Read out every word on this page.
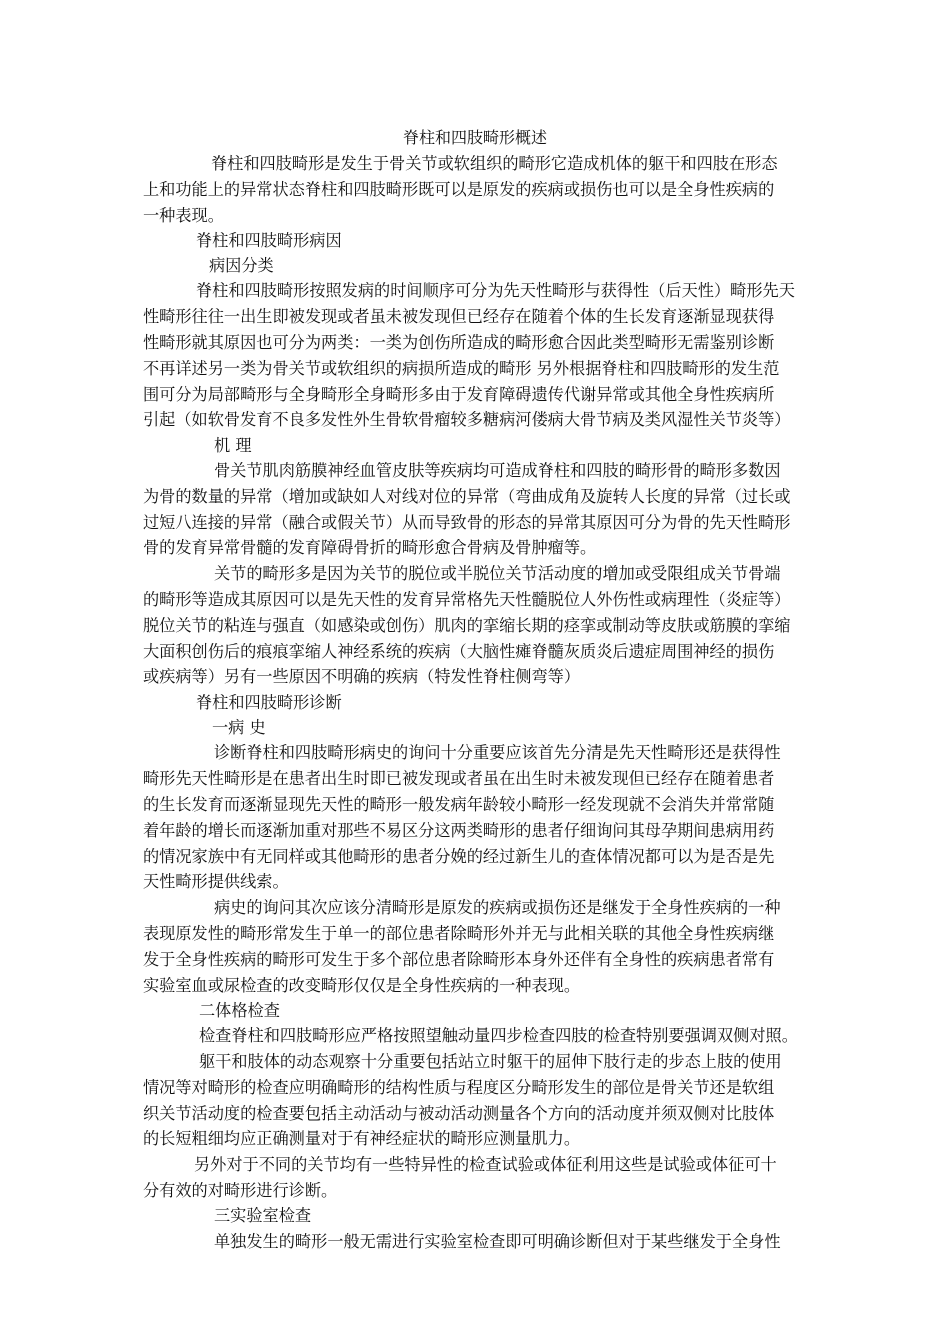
脊柱和四肢畸形概述
脊柱和四肢畸形是发生于骨关节或软组织的畸形它造成机体的躯干和四肢在形态
上和功能上的异常状态脊柱和四肢畸形既可以是原发的疾病或损伤也可以是全身性疾病的
一种表现。
脊柱和四肢畸形病因
病因分类
脊柱和四肢畸形按照发病的时间顺序可分为先天性畸形与获得性（后天性）畸形先天
性畸形往往一出生即被发现或者虽未被发现但已经存在随着个体的生长发育逐渐显现获得
性畸形就其原因也可分为两类：一类为创伤所造成的畸形愈合因此类型畸形无需鉴别诊断
不再详述另一类为骨关节或软组织的病损所造成的畸形 另外根据脊柱和四肢畸形的发生范
围可分为局部畸形与全身畸形全身畸形多由于发育障碍遗传代谢异常或其他全身性疾病所
引起（如软骨发育不良多发性外生骨软骨瘤较多糖病河偻病大骨节病及类风湿性关节炎等）
机 理
骨关节肌肉筋膜神经血管皮肤等疾病均可造成脊柱和四肢的畸形骨的畸形多数因
为骨的数量的异常（增加或缺如人对线对位的异常（弯曲成角及旋转人长度的异常（过长或
过短八连接的异常（融合或假关节）从而导致骨的形态的异常其原因可分为骨的先天性畸形
骨的发育异常骨髓的发育障碍骨折的畸形愈合骨病及骨肿瘤等。
关节的畸形多是因为关节的脱位或半脱位关节活动度的增加或受限组成关节骨端
的畸形等造成其原因可以是先天性的发育异常格先天性髓脱位人外伤性或病理性（炎症等）
脱位关节的粘连与强直（如感染或创伤）肌肉的挛缩长期的痉挛或制动等皮肤或筋膜的挛缩
大面积创伤后的痕痕挛缩人神经系统的疾病（大脑性瘫脊髓灰质炎后遗症周围神经的损伤
或疾病等）另有一些原因不明确的疾病（特发性脊柱侧弯等）
脊柱和四肢畸形诊断
一病 史
诊断脊柱和四肢畸形病史的询问十分重要应该首先分清是先天性畸形还是获得性
畸形先天性畸形是在患者出生时即已被发现或者虽在出生时未被发现但已经存在随着患者
的生长发育而逐渐显现先天性的畸形一般发病年龄较小畸形一经发现就不会消失并常常随
着年龄的增长而逐渐加重对那些不易区分这两类畸形的患者仔细询问其母孕期间患病用药
的情况家族中有无同样或其他畸形的患者分娩的经过新生儿的查体情况都可以为是否是先
天性畸形提供线索。
病史的询问其次应该分清畸形是原发的疾病或损伤还是继发于全身性疾病的一种
表现原发性的畸形常发生于单一的部位患者除畸形外并无与此相关联的其他全身性疾病继
发于全身性疾病的畸形可发生于多个部位患者除畸形本身外还伴有全身性的疾病患者常有
实验室血或尿检查的改变畸形仅仅是全身性疾病的一种表现。
二体格检查
检查脊柱和四肢畸形应严格按照望触动量四步检查四肢的检查特别要强调双侧对照。
躯干和肢体的动态观察十分重要包括站立时躯干的屈伸下肢行走的步态上肢的使用
情况等对畸形的检查应明确畸形的结构性质与程度区分畸形发生的部位是骨关节还是软组
织关节活动度的检查要包括主动活动与被动活动测量各个方向的活动度并须双侧对比肢体
的长短粗细均应正确测量对于有神经症状的畸形应测量肌力。
另外对于不同的关节均有一些特异性的检查试验或体征利用这些是试验或体征可十
分有效的对畸形进行诊断。
三实验室检查
单独发生的畸形一般无需进行实验室检查即可明确诊断但对于某些继发于全身性
